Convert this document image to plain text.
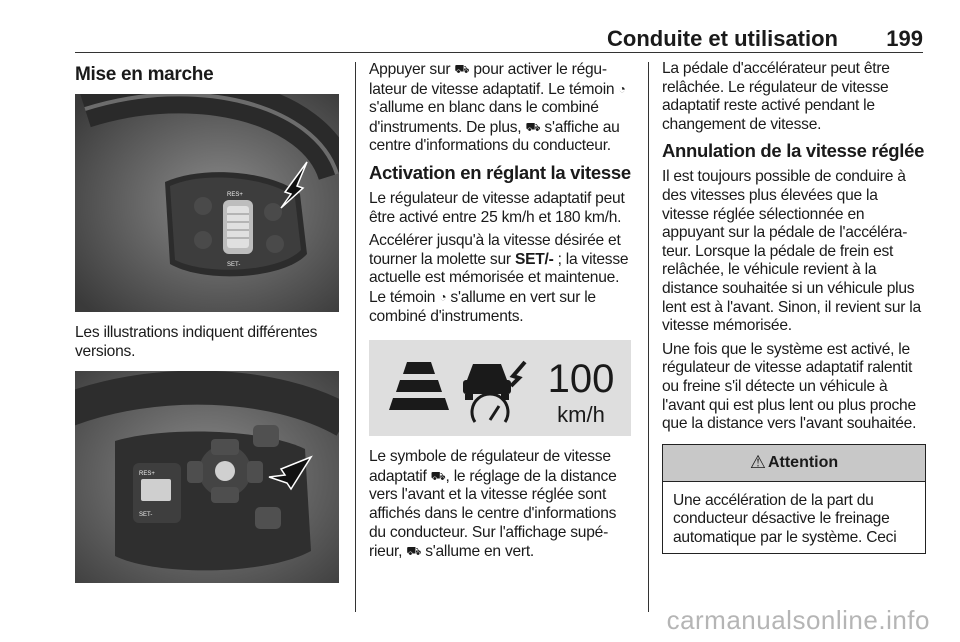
Conduite et utilisation 199
Mise en marche
RES+
SET-

Les illustrations indiquent différentes versions.

RES+
SET-

Appuyer sur ⛟ pour activer le régulateur de vitesse adaptatif. Le témoin ◔ s'allume en blanc dans le combiné d'instruments. De plus, ⛟ s'affiche au centre d'informations du conducteur.

Activation en réglant la vitesse

Le régulateur de vitesse adaptatif peut être activé entre 25 km/h et 180 km/h.

Accélérer jusqu'à la vitesse désirée et tourner la molette sur SET/- ; la vitesse actuelle est mémorisée et maintenue. Le témoin ◔ s'allume en vert sur le combiné d'instruments.

100
km/h

Le symbole de régulateur de vitesse adaptatif ⛟, le réglage de la distance vers l'avant et la vitesse réglée sont affichés dans le centre d'informations du conducteur. Sur l'affichage supérieur, ⛟ s'allume en vert.

La pédale d'accélérateur peut être relâchée. Le régulateur de vitesse adaptatif reste activé pendant le changement de vitesse.

Annulation de la vitesse réglée

Il est toujours possible de conduire à des vitesses plus élevées que la vitesse réglée sélectionnée en appuyant sur la pédale de l'accélérateur. Lorsque la pédale de frein est relâchée, le véhicule revient à la distance souhaitée si un véhicule plus lent est à l'avant. Sinon, il revient sur la vitesse mémorisée.

Une fois que le système est activé, le régulateur de vitesse adaptatif ralentit ou freine s'il détecte un véhicule à l'avant qui est plus lent ou plus proche que la distance vers l'avant souhaitée.

⚠ Attention

Une accélération de la part du conducteur désactive le freinage automatique par le système. Ceci

carmanualsonline.info
